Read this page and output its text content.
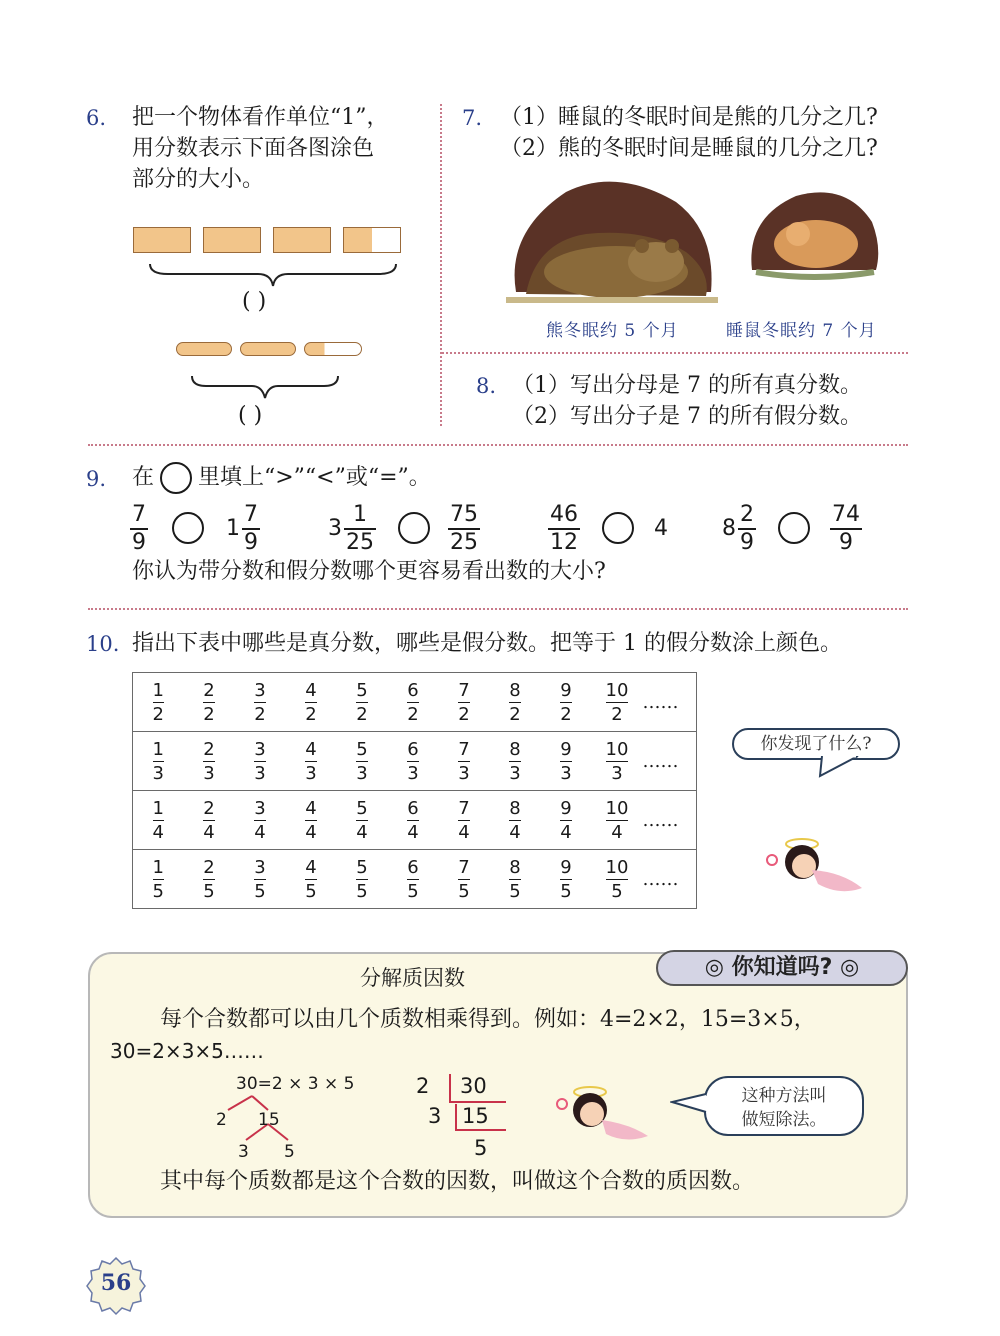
6. 把一个物体看作单位“1”，
用分数表示下面各图涂色
部分的大小。
( )
( )
7. （1）睡鼠的冬眠时间是熊的几分之几?
（2）熊的冬眠时间是睡鼠的几分之几?
熊冬眠约 5 个月	睡鼠冬眠约 7 个月
8. （1）写出分母是 7 的所有真分数。
（2）写出分子是 7 的所有假分数。
9. 在 里填上“>”“<”或“=”。
7
9
1
7
9
3
1
25
75
25
46
12
4 8
2
9
74
9
你认为带分数和假分数哪个更容易看出数的大小?
10. 指出下表中哪些是真分数，哪些是假分数。把等于 1 的假分数涂上颜色。
$\frac{1}{2}$	$\frac{2}{2}$	$\frac{3}{2}$	$\frac{4}{2}$	$\frac{5}{2}$	$\frac{6}{2}$	$\frac{7}{2}$	$\frac{8}{2}$	$\frac{9}{2}$	$\frac{10}{2}$	……

$\frac{1}{3}$	$\frac{2}{3}$	$\frac{3}{3}$	$\frac{4}{3}$	$\frac{5}{3}$	$\frac{6}{3}$	$\frac{7}{3}$	$\frac{8}{3}$	$\frac{9}{3}$	$\frac{10}{3}$	……

$\frac{1}{4}$	$\frac{2}{4}$	$\frac{3}{4}$	$\frac{4}{4}$	$\frac{5}{4}$	$\frac{6}{4}$	$\frac{7}{4}$	$\frac{8}{4}$	$\frac{9}{4}$	$\frac{10}{4}$	……

$\frac{1}{5}$	$\frac{2}{5}$	$\frac{3}{5}$	$\frac{4}{5}$	$\frac{5}{5}$	$\frac{6}{5}$	$\frac{7}{5}$	$\frac{8}{5}$	$\frac{9}{5}$	$\frac{10}{5}$	……
你发现了什么?
◎ 你知道吗? ◎
分解质因数
每个合数都可以由几个质数相乘得到。例如：4=2×2，15=3×5，
30=2×3×5……
30=2 × 3 × 5
2 15
3 5
2 30
3 15
5
这种方法叫
做短除法。
其中每个质数都是这个合数的因数，叫做这个合数的质因数。
56
